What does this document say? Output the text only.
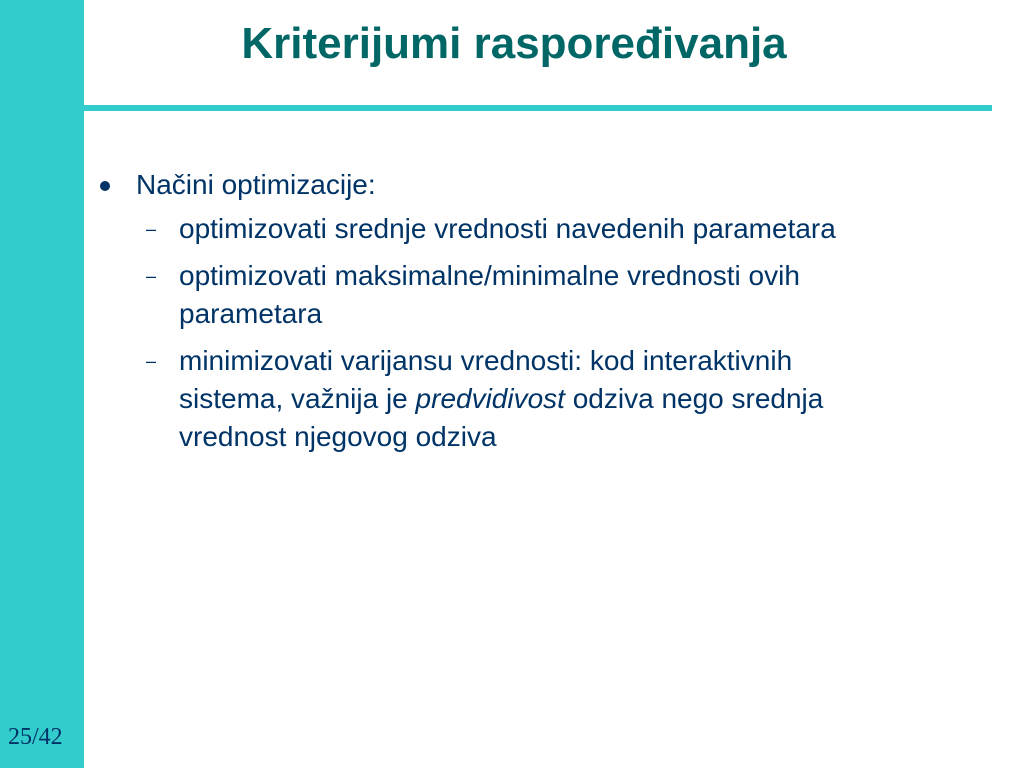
Kriterijumi raspoređivanja
Načini optimizacije:
– optimizovati srednje vrednosti navedenih parametara
– optimizovati maksimalne/minimalne vrednosti ovih
parametara
– minimizovati varijansu vrednosti: kod interaktivnih
sistema, važnija je predvidivost odziva nego srednja
vrednost njegovog odziva
25/42
